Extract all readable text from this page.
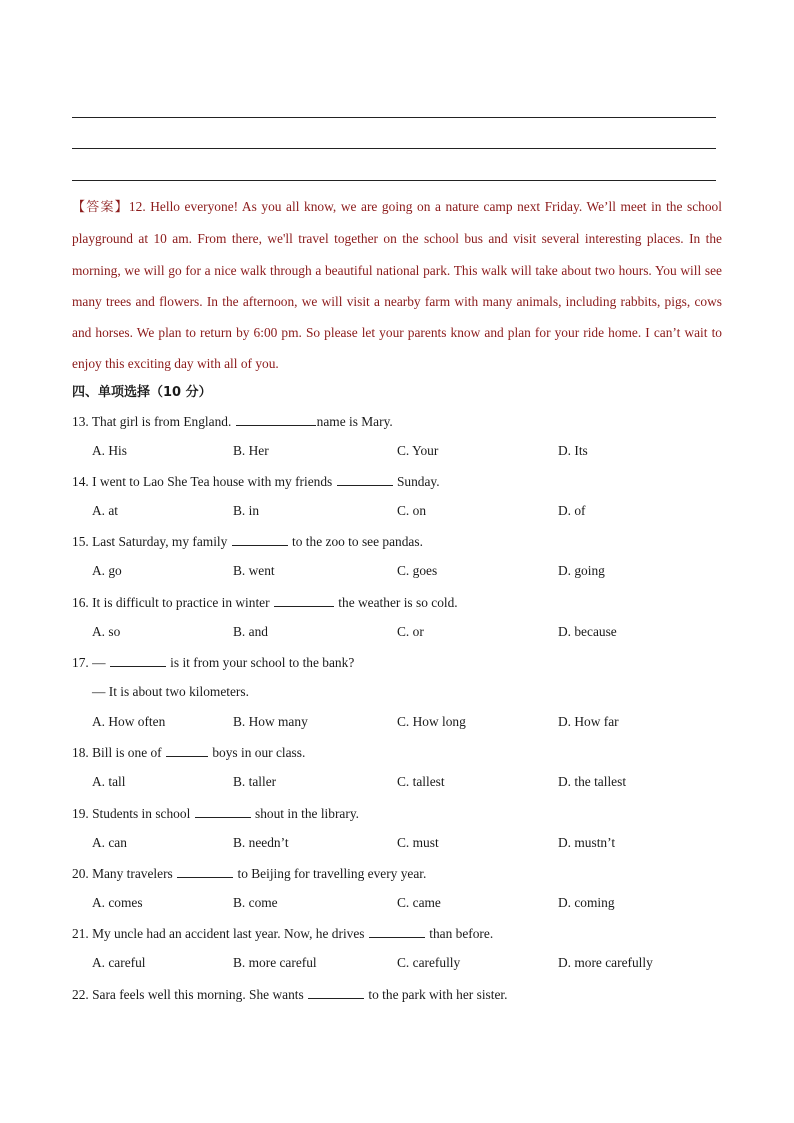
【答案】12. Hello everyone! As you all know, we are going on a nature camp next Friday. We’ll meet in the school playground at 10 am. From there, we'll travel together on the school bus and visit several interesting places. In the morning, we will go for a nice walk through a beautiful national park. This walk will take about two hours. You will see many trees and flowers. In the afternoon, we will visit a nearby farm with many animals, including rabbits, pigs, cows and horses. We plan to return by 6:00 pm. So please let your parents know and plan for your ride home. I can’t wait to enjoy this exciting day with all of you.
四、单项选择（10 分）
13. That girl is from England.	name is Mary.
A. His	B. Her	C. Your	D. Its
14. I went to Lao She Tea house with my friends	Sunday.
A. at	B. in	C. on	D. of
15. Last Saturday, my family	to the zoo to see pandas.
A. go	B. went	C. goes	D. going
16. It is difficult to practice in winter	the weather is so cold.
A. so	B. and	C. or	D. because
17. —	is it from your school to the bank?
— It is about two kilometers.
A. How often	B. How many	C. How long	D. How far
18. Bill is one of	boys in our class.
A. tall	B. taller	C. tallest	D. the tallest
19. Students in school	shout in the library.
A. can	B. needn’t	C. must	D. mustn’t
20. Many travelers	to Beijing for travelling every year.
A. comes	B. come	C. came	D. coming
21. My uncle had an accident last year. Now, he drives	than before.
A. careful	B. more careful	C. carefully	D. more carefully
22. Sara feels well this morning. She wants	to the park with her sister.
